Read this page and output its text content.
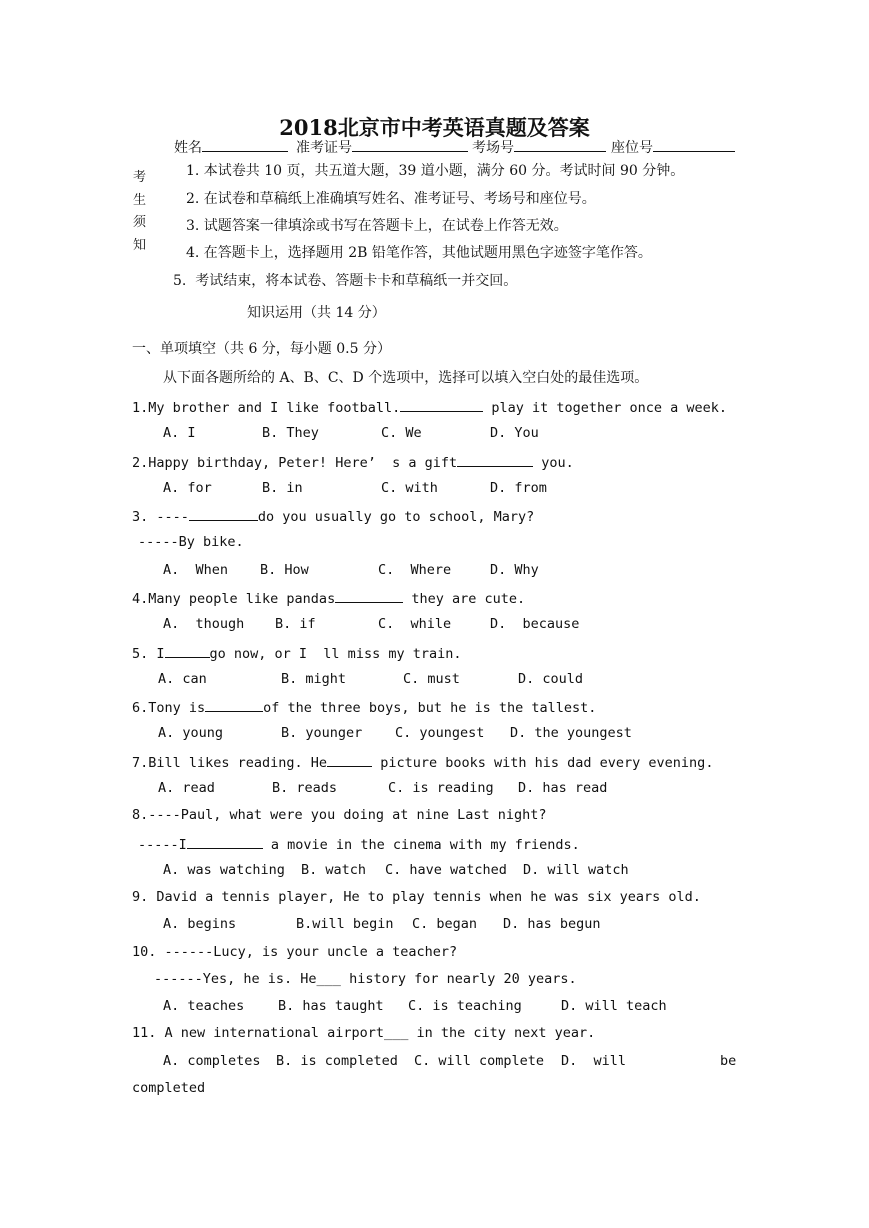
2018北京市中考英语真题及答案
姓名	准考证号	考场号	座位号
考
生
须
知
1. 本试卷共 10 页，共五道大题，39 道小题，满分 60 分。考试时间 90 分钟。
2. 在试卷和草稿纸上准确填写姓名、准考证号、考场号和座位号。
3. 试题答案一律填涂或书写在答题卡上，在试卷上作答无效。
4. 在答题卡上，选择题用 2B 铅笔作答，其他试题用黑色字迹签字笔作答。
5.  考试结束，将本试卷、答题卡卡和草稿纸一并交回。
知识运用（共 14 分）
一、单项填空（共 6 分，每小题 0.5 分）
从下面各题所给的 A、B、C、D 个选项中，选择可以填入空白处的最佳选项。
1.My brother and I like football.	play it together once a week.
A. I	B. They	C. We	D. You
2.Happy birthday, Peter! Here’  s a gift	you.
A. for	B. in	C. with	D. from
3. ----	do you usually go to school, Mary?
-----By bike.
A.  When B. How	C.  Where	D. Why
4.Many people like pandas	they are cute.
A.  though B. if	C.  while	D.  because
5. I	go now, or I  ll miss my train.
A. can	B. might	C. must	D. could
6.Tony is	of the three boys, but he is the tallest.
A. young	B. younger C. youngest D. the youngest
7.Bill likes reading. He	picture books with his dad every evening.
A. read	B. reads	C. is reading D. has read
8.----Paul, what were you doing at nine Last night?
-----I	a movie in the cinema with my friends.
A. was watching B. watch C. have watched D. will watch
9. David a tennis player, He to play tennis when he was six years old.
A. begins	B.will begin C. began D. has begun
10. ------Lucy, is your uncle a teacher?
------Yes, he is. He___ history for nearly 20 years.
A. teaches B. has taught C. is teaching	D. will teach
11. A new international airport___ in the city next year.
A. completes B. is completed C. will complete D.  will	be
completed
